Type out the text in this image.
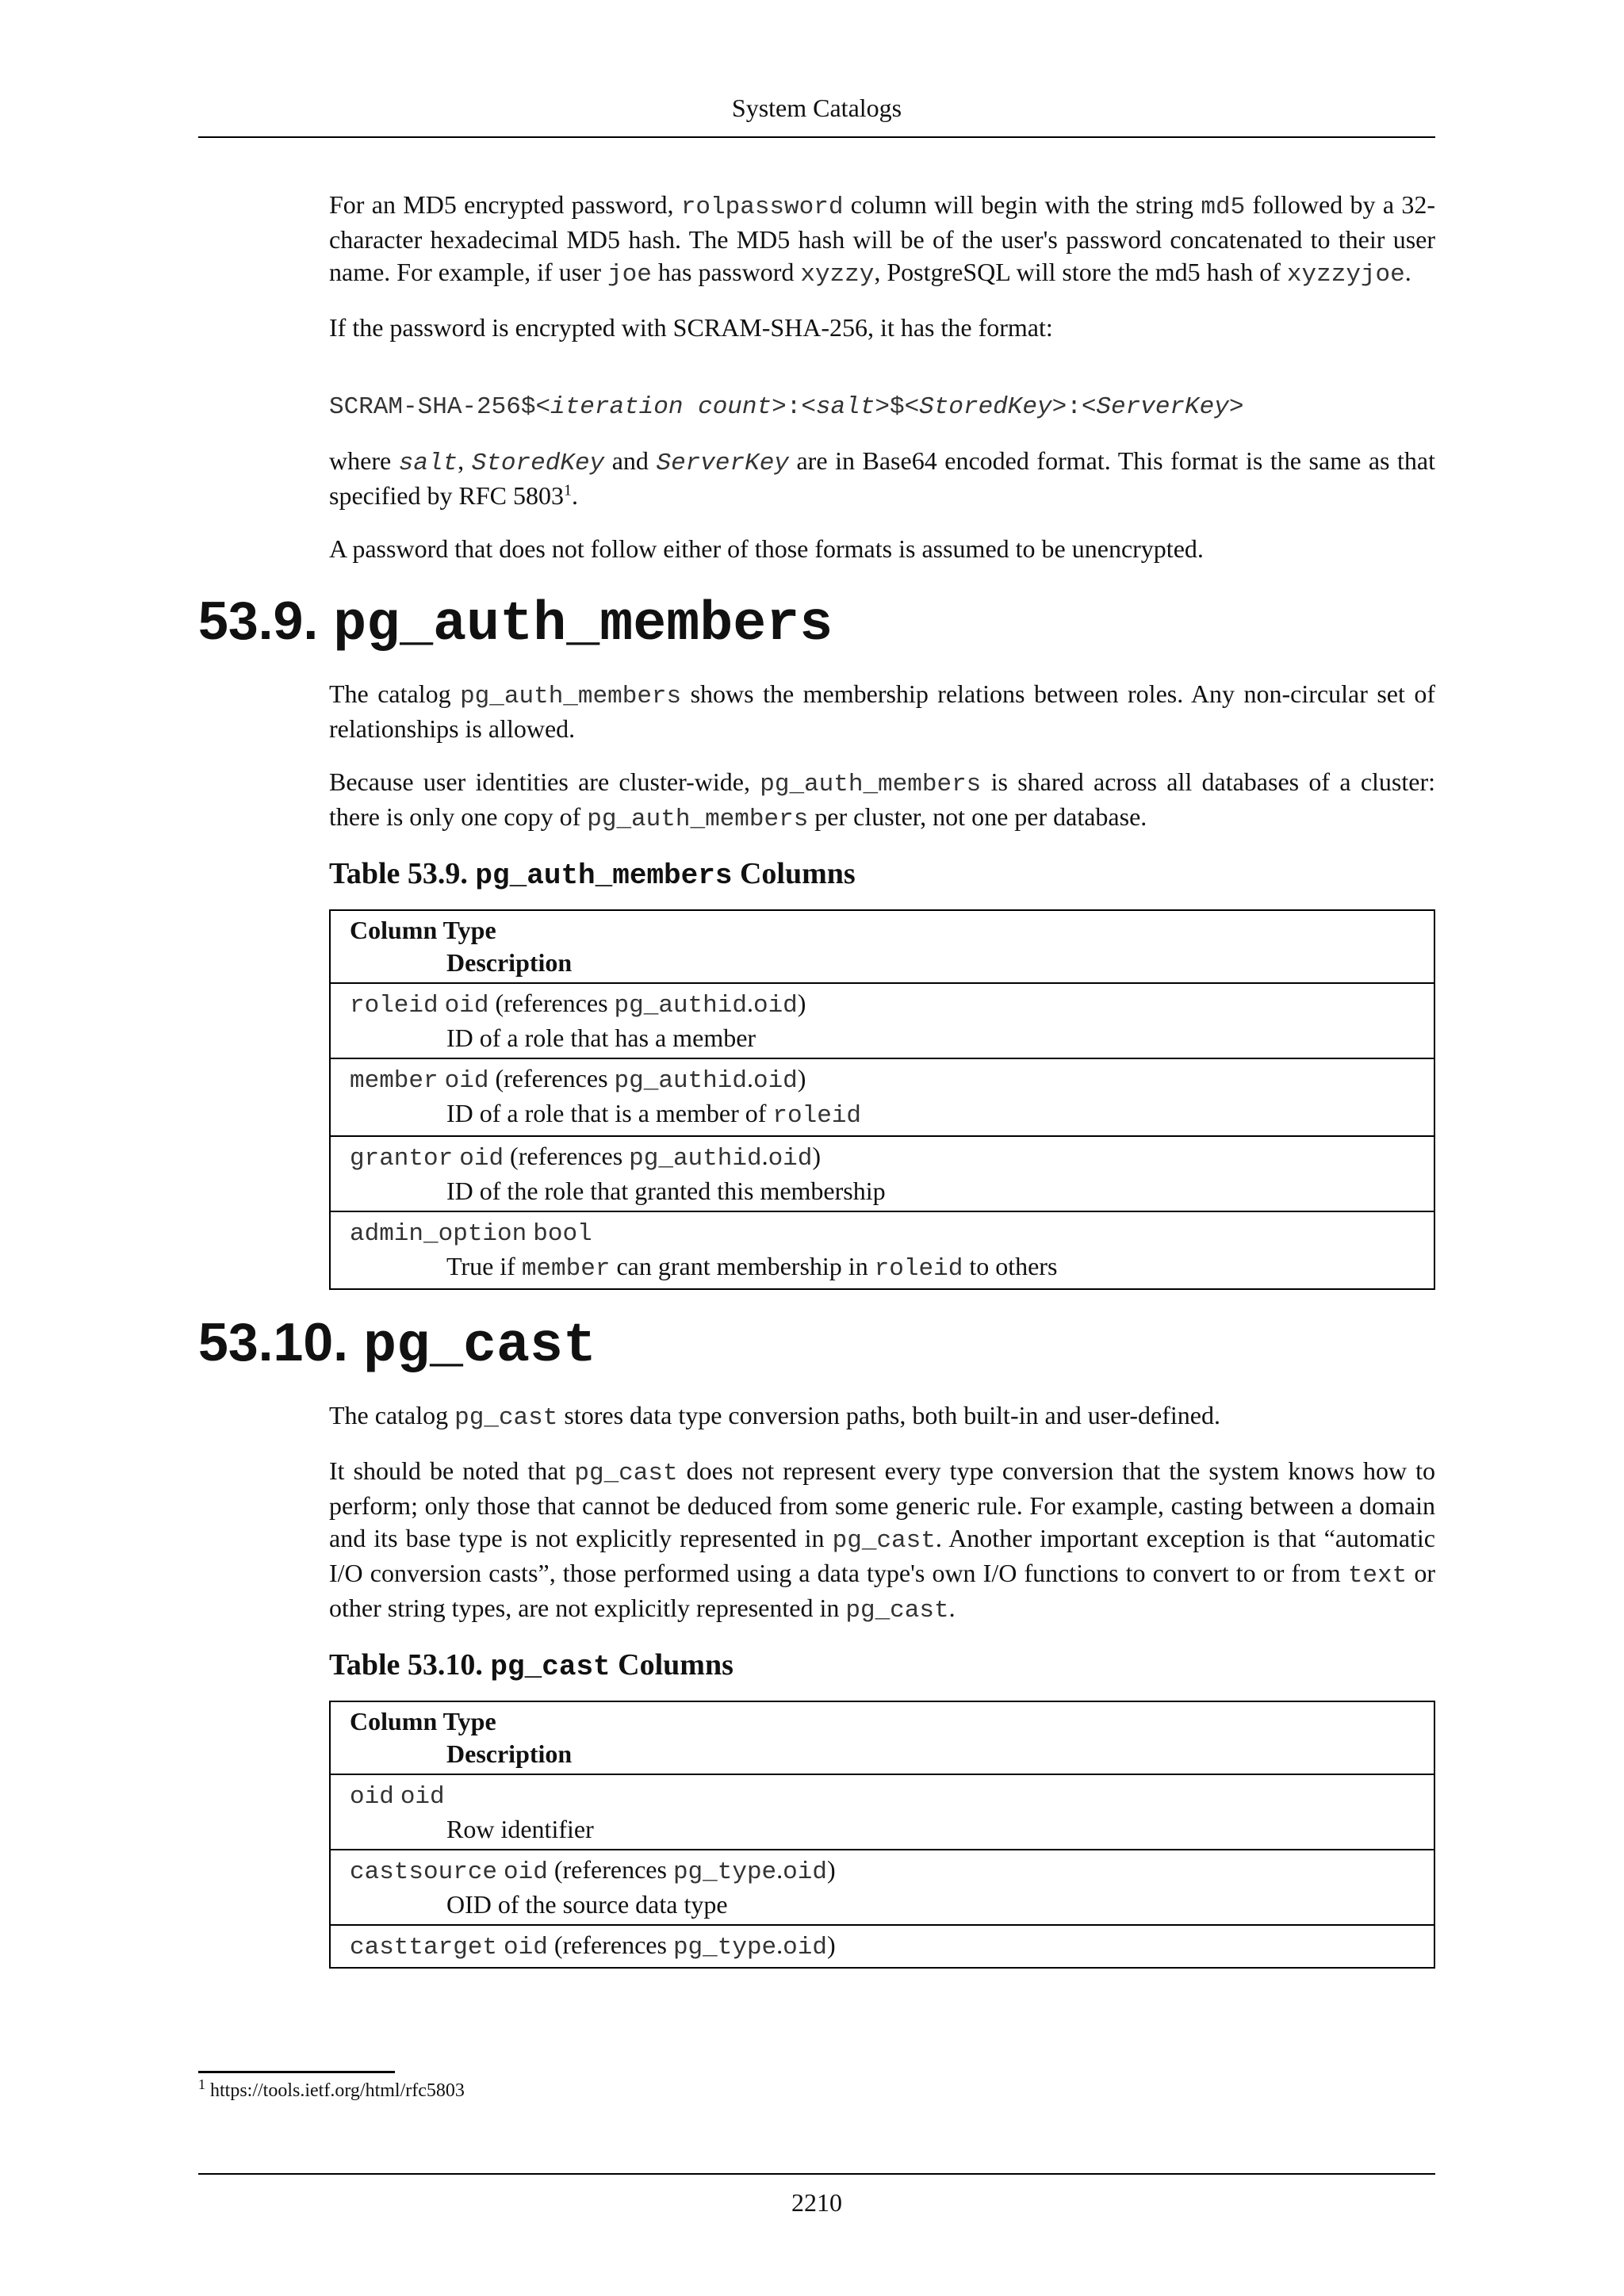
System Catalogs

For an MD5 encrypted password, rolpassword column will begin with the string md5 followed by a 32-character hexadecimal MD5 hash. The MD5 hash will be of the user's password concatenated to their user name. For example, if user joe has password xyzzy, PostgreSQL will store the md5 hash of xyzzyjoe.

If the password is encrypted with SCRAM-SHA-256, it has the format:

SCRAM-SHA-256$<iteration count>:<salt>$<StoredKey>:<ServerKey>

where salt, StoredKey and ServerKey are in Base64 encoded format. This format is the same as that specified by RFC 5803$^1$.

A password that does not follow either of those formats is assumed to be unencrypted.

53.9. pg_auth_members

The catalog pg_auth_members shows the membership relations between roles. Any non-circular set of relationships is allowed.

Because user identities are cluster-wide, pg_auth_members is shared across all databases of a cluster: there is only one copy of pg_auth_members per cluster, not one per database.

Table 53.9. pg_auth_members Columns
Column Type
Description

roleid oid (references pg_authid.oid)
ID of a role that has a member

member oid (references pg_authid.oid)
ID of a role that is a member of roleid

grantor oid (references pg_authid.oid)
ID of the role that granted this membership

admin_option bool
True if member can grant membership in roleid to others
53.10. pg_cast

The catalog pg_cast stores data type conversion paths, both built-in and user-defined.

It should be noted that pg_cast does not represent every type conversion that the system knows how to perform; only those that cannot be deduced from some generic rule. For example, casting between a domain and its base type is not explicitly represented in pg_cast. Another important exception is that “automatic I/O conversion casts”, those performed using a data type's own I/O functions to convert to or from text or other string types, are not explicitly represented in pg_cast.

Table 53.10. pg_cast Columns
Column Type
Description

oid oid
Row identifier

castsource oid (references pg_type.oid)
OID of the source data type

casttarget oid (references pg_type.oid)
$^1$ https://tools.ietf.org/html/rfc5803
2210
